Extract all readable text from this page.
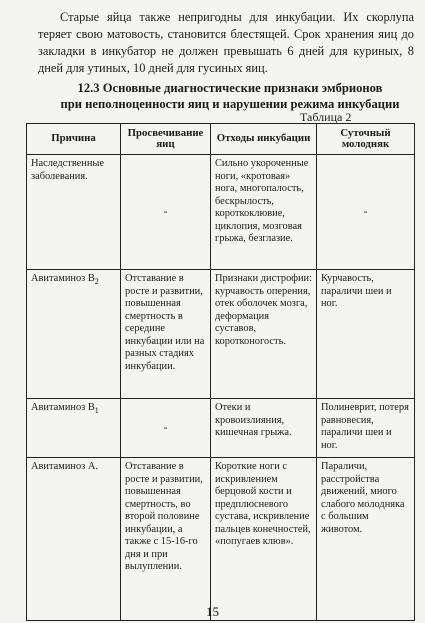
Старые яйца также непригодны для инкубации. Их скорлупа теряет свою матовость, становится блестящей. Срок хранения яиц до закладки в инкубатор не должен превышать 6 дней для куриных, 8 дней для утиных, 10 дней для гусиных яиц.

12.3 Основные диагностические признаки эмбрионов
при неполноценности яиц и нарушении режима инкубации
Таблица 2
Причина	Просвечивание яиц	Отходы инкубации	Суточный молодняк
Наследственные заболевания.	-	Сильно укороченные ноги, «кротовая» нога, многопалость, бескрылость, короткоклювие, циклопия, мозговая грыжа, безглазие.	-
Авитаминоз $В_2$	Отставание в росте и развитии, повышенная смертность в середине инкубации или на разных стадиях инкубации.	Признаки дистрофии: курчавость оперения, отек оболочек мозга, деформация суставов, коротконогость.	Курчавость, параличи шеи и ног.

Авитаминоз $В_1$	-	Отеки и кровоизлияния, кишечная грыжа.	Полиневрит, потеря равновесия, параличи шеи и ног.

Авитаминоз А.	Отставание в росте и развитии, повышенная смертность, во второй половине инкубации, а также с 15-16-го дня и при вылуплении.	Короткие ноги с искривлением берцовой кости и предплюсневого сустава, искривление пальцев конечностей, «попугаев клюв».	Параличи, расстройства движений, много слабого молодняка с большим животом.
15
